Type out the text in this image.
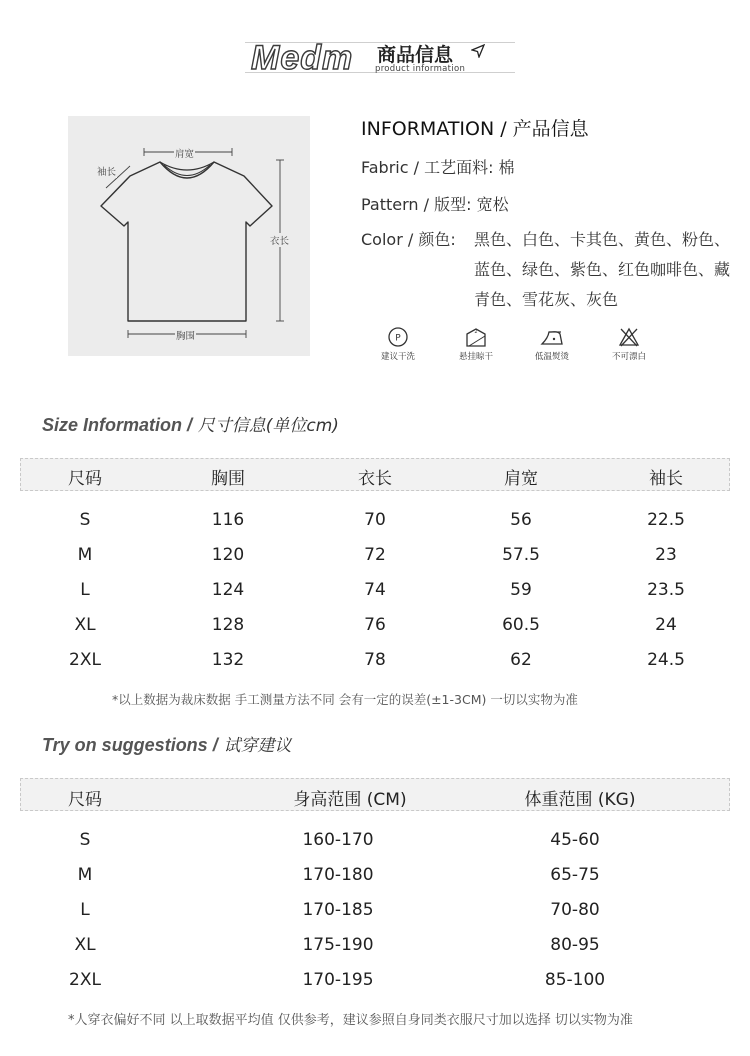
Medm 商品信息
product information
肩宽
袖长
衣长
胸围
INFORMATION / 产品信息
Fabric / 工艺面料: 棉
Pattern / 版型: 宽松
Color / 颜色: 黑色、白色、卡其色、黄色、粉色、蓝色、绿色、紫色、红色咖啡色、藏青色、雪花灰、灰色
P
建议干洗
2
悬挂晾干	低温熨烫	不可漂白
Size Information / 尺寸信息(单位cm)
尺码	胸围	衣长	肩宽	袖长
S	116	70	56	22.5
M	120	72	57.5	23
L	124	74	59	23.5
XL	128	76	60.5	24
2XL	132	78	62	24.5
*以上数据为裁床数据 手工测量方法不同 会有一定的误差(±1-3CM) 一切以实物为准
Try on suggestions / 试穿建议
尺码	身高范围 (CM)	体重范围 (KG)
S	160-170	45-60
M	170-180	65-75
L	170-185	70-80
XL	175-190	80-95
2XL	170-195	85-100
*人穿衣偏好不同 以上取数据平均值 仅供参考，建议参照自身同类衣服尺寸加以选择 切以实物为准
